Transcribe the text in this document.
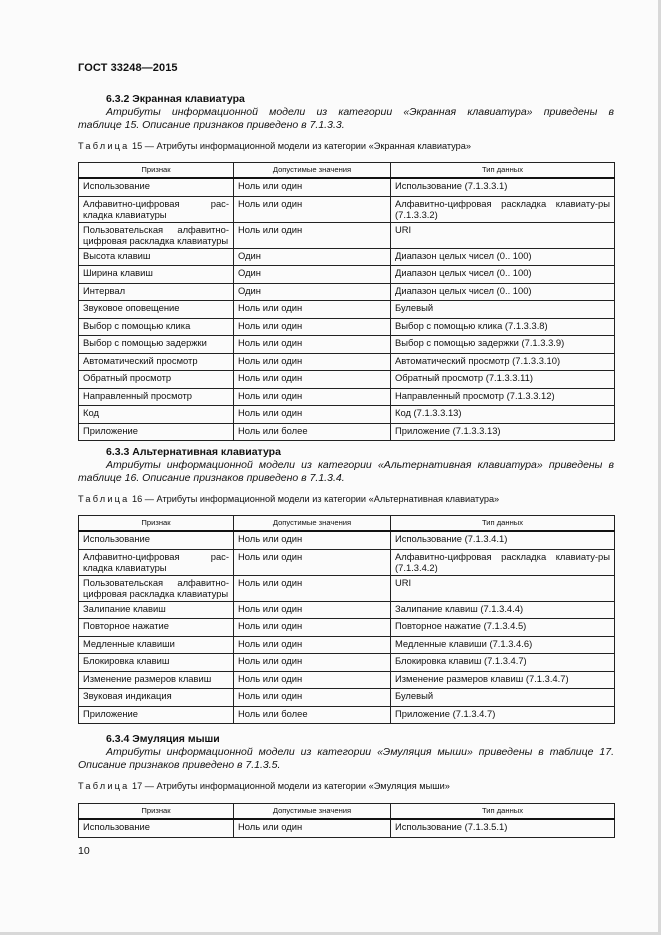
ГОСТ 33248—2015
6.3.2 Экранная клавиатура
Атрибуты информационной модели из категории «Экранная клавиатура» приведены в
таблице 15. Описание признаков приведено в 7.1.3.3.
Таблица 15 — Атрибуты информационной модели из категории «Экранная клавиатура»
Признак	Допустимые значения	Тип данных
Использование	Ноль или один	Использование (7.1.3.3.1)
Алфавитно-цифровая рас-кладка клавиатуры	Ноль или один	Алфавитно-цифровая раскладка клавиату-ры (7.1.3.3.2)
Пользовательская алфавитно-цифровая раскладка клавиатуры	Ноль или один	URI
Высота клавиш	Один	Диапазон целых чисел (0.. 100)
Ширина клавиш	Один	Диапазон целых чисел (0.. 100)
Интервал	Один	Диапазон целых чисел (0.. 100)
Звуковое оповещение	Ноль или один	Булевый
Выбор с помощью клика	Ноль или один	Выбор с помощью клика (7.1.3.3.8)
Выбор с помощью задержки	Ноль или один	Выбор с помощью задержки (7.1.3.3.9)
Автоматический просмотр	Ноль или один	Автоматический просмотр (7.1.3.3.10)
Обратный просмотр	Ноль или один	Обратный просмотр (7.1.3.3.11)
Направленный просмотр	Ноль или один	Направленный просмотр (7.1.3.3.12)
Код	Ноль или один	Код (7.1.3.3.13)
Приложение	Ноль или более	Приложение (7.1.3.3.13)
6.3.3 Альтернативная клавиатура
Атрибуты информационной модели из категории «Альтернативная клавиатура» приведены в
таблице 16. Описание признаков приведено в 7.1.3.4.
Таблица 16 — Атрибуты информационной модели из категории «Альтернативная клавиатура»
Признак	Допустимые значения	Тип данных
Использование	Ноль или один	Использование (7.1.3.4.1)
Алфавитно-цифровая рас-кладка клавиатуры	Ноль или один	Алфавитно-цифровая раскладка клавиату-ры (7.1.3.4.2)
Пользовательская алфавитно-цифровая раскладка клавиатуры	Ноль или один	URI
Залипание клавиш	Ноль или один	Залипание клавиш (7.1.3.4.4)
Повторное нажатие	Ноль или один	Повторное нажатие (7.1.3.4.5)
Медленные клавиши	Ноль или один	Медленные клавиши (7.1.3.4.6)
Блокировка клавиш	Ноль или один	Блокировка клавиш (7.1.3.4.7)
Изменение размеров клавиш	Ноль или один	Изменение размеров клавиш (7.1.3.4.7)
Звуковая индикация	Ноль или один	Булевый
Приложение	Ноль или более	Приложение (7.1.3.4.7)
6.3.4 Эмуляция мыши
Атрибуты информационной модели из категории «Эмуляция мыши» приведены в таблице 17.
Описание признаков приведено в 7.1.3.5.
Таблица 17 — Атрибуты информационной модели из категории «Эмуляция мыши»
Признак	Допустимые значения	Тип данных
Использование	Ноль или один	Использование (7.1.3.5.1)
10
